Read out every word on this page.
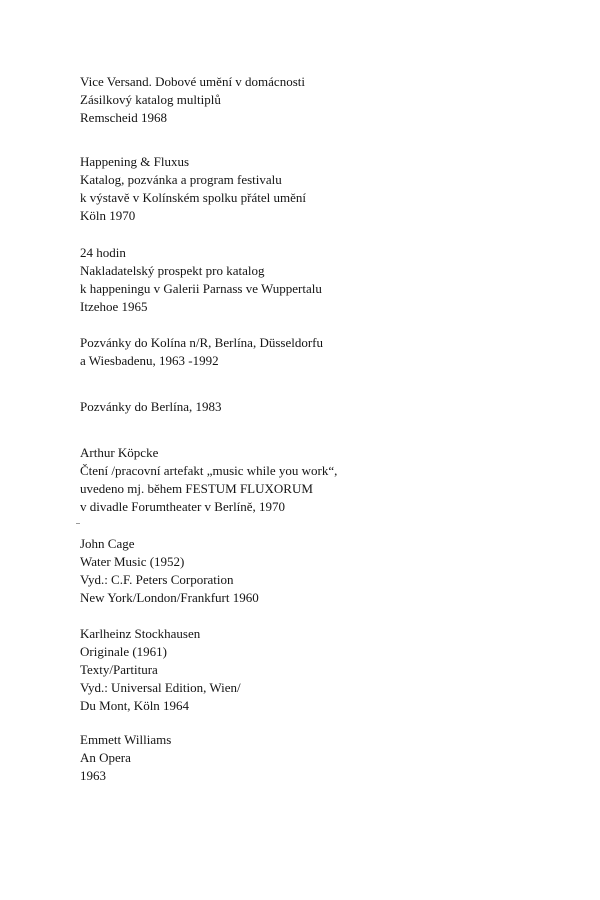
Vice Versand. Dobové umění v domácnosti
Zásilkový katalog multiplů
Remscheid 1968
Happening & Fluxus
Katalog, pozvánka a program festivalu
k výstavě v Kolínském spolku přátel umění
Köln 1970
24 hodin
Nakladatelský prospekt pro katalog
k happeningu v Galerii Parnass ve Wuppertalu
Itzehoe 1965
Pozvánky do Kolína n/R, Berlína, Düsseldorfu
a Wiesbadenu, 1963 -1992
Pozvánky do Berlína, 1983
Arthur Köpcke
Čtení /pracovní artefakt „music while you work“,
uvedeno mj. během FESTUM FLUXORUM
v divadle Forumtheater v Berlíně, 1970
John Cage
Water Music (1952)
Vyd.: C.F. Peters Corporation
New York/London/Frankfurt 1960
Karlheinz Stockhausen
Originale (1961)
Texty/Partitura
Vyd.: Universal Edition, Wien/
Du Mont, Köln 1964
Emmett Williams
An Opera
1963
